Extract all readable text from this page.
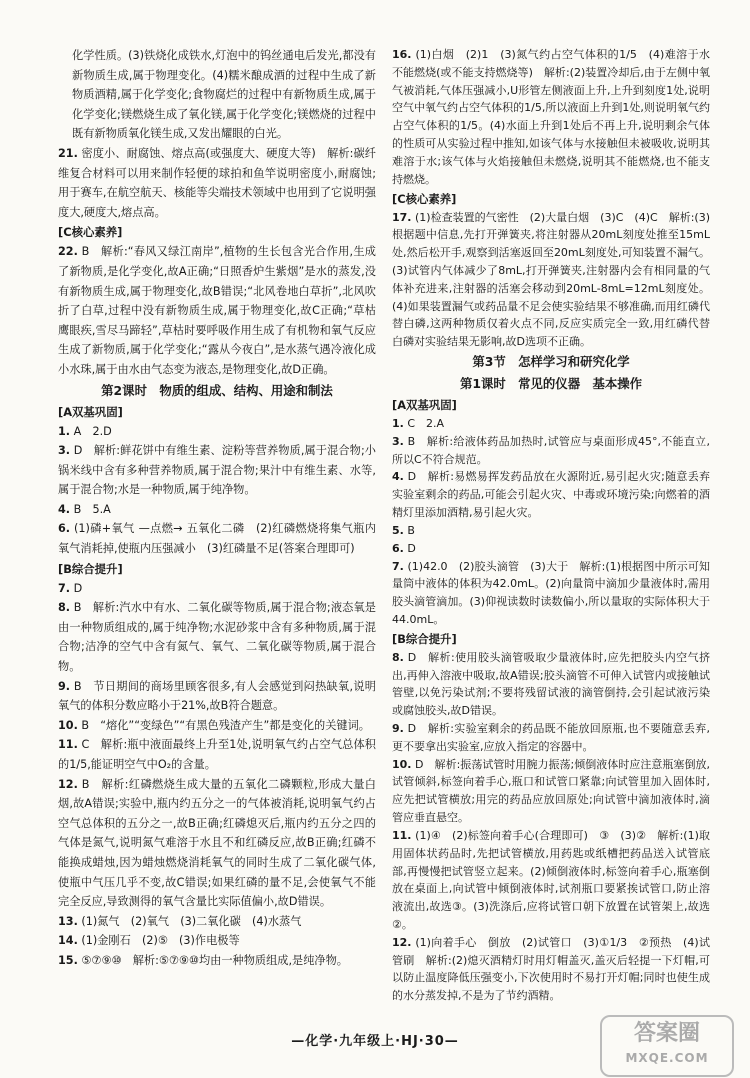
化学性质。(3)铁烧化成铁水,灯泡中的钨丝通电后发光,都没有新物质生成,属于物理变化。(4)糯米酿成酒的过程中生成了新物质酒精,属于化学变化;食物腐烂的过程中有新物质生成,属于化学变化;镁燃烧生成了氧化镁,属于化学变化;镁燃烧的过程中既有新物质氧化镁生成,又发出耀眼的白光。

21. 密度小、耐腐蚀、熔点高(或强度大、硬度大等)　解析:碳纤维复合材料可以用来制作轻便的球拍和鱼竿说明密度小,耐腐蚀;用于赛车,在航空航天、核能等尖端技术领域中也用到了它说明强度大,硬度大,熔点高。

[C核心素养]

22. B　解析:“春风又绿江南岸”,植物的生长包含光合作用,生成了新物质,是化学变化,故A正确;“日照香炉生紫烟”是水的蒸发,没有新物质生成,属于物理变化,故B错误;“北风卷地白草折”,北风吹折了白草,过程中没有新物质生成,属于物理变化,故C正确;“草枯鹰眼疾,雪尽马蹄轻”,草枯时要呼吸作用生成了有机物和氧气反应生成了新物质,属于化学变化;“露从今夜白”,是水蒸气遇冷液化成小水珠,属于由水由气态变为液态,是物理变化,故D正确。

第2课时　物质的组成、结构、用途和制法

[A双基巩固]

1. A　2.D

3. D　解析:鲜花饼中有维生素、淀粉等营养物质,属于混合物;小锅米线中含有多种营养物质,属于混合物;果汁中有维生素、水等,属于混合物;水是一种物质,属于纯净物。

4. B　5.A

6. (1)磷+氧气 —点燃→ 五氧化二磷　(2)红磷燃烧将集气瓶内氧气消耗掉,使瓶内压强减小　(3)红磷量不足(答案合理即可)

[B综合提升]

7. D

8. B　解析:汽水中有水、二氧化碳等物质,属于混合物;液态氧是由一种物质组成的,属于纯净物;水泥砂浆中含有多种物质,属于混合物;洁净的空气中含有氮气、氧气、二氧化碳等物质,属于混合物。

9. B　节日期间的商场里顾客很多,有人会感觉到闷热缺氧,说明氧气的体积分数应略小于21%,故B符合题意。

10. B　“熔化”“变绿色”“有黑色残渣产生”都是变化的关键词。

11. C　解析:瓶中液面最终上升至1处,说明氧气约占空气总体积的1/5,能证明空气中O₂的含量。

12. B　解析:红磷燃烧生成大量的五氧化二磷颗粒,形成大量白烟,故A错误;实验中,瓶内约五分之一的气体被消耗,说明氧气约占空气总体积的五分之一,故B正确;红磷熄灭后,瓶内约五分之四的气体是氮气,说明氮气难溶于水且不和红磷反应,故B正确;红磷不能换成蜡烛,因为蜡烛燃烧消耗氧气的同时生成了二氧化碳气体,使瓶中气压几乎不变,故C错误;如果红磷的量不足,会使氧气不能完全反应,导致测得的氧气含量比实际值偏小,故D错误。

13. (1)氮气　(2)氧气　(3)二氧化碳　(4)水蒸气

14. (1)金刚石　(2)⑤　(3)作电极等

15. ⑤⑦⑨⑩　解析:⑤⑦⑨⑩均由一种物质组成,是纯净物。

16. (1)白烟　(2)1　(3)氮气约占空气体积的1/5　(4)难溶于水不能燃烧(或不能支持燃烧等)　解析:(2)装置冷却后,由于左侧中氧气被消耗,气体压强减小,U形管左侧液面上升,上升到刻度1处,说明空气中氧气约占空气体积的1/5,所以液面上升到1处,则说明氧气约占空气体积的1/5。(4)水面上升到1处后不再上升,说明剩余气体的性质可从实验过程中推知,如该气体与水接触但未被吸收,说明其难溶于水;该气体与火焰接触但未燃烧,说明其不能燃烧,也不能支持燃烧。

[C核心素养]

17. (1)检查装置的气密性　(2)大量白烟　(3)C　(4)C　解析:(3)根据题中信息,先打开弹簧夹,将注射器从20mL刻度处推至15mL处,然后松开手,观察到活塞返回至20mL刻度处,可知装置不漏气。(3)试管内气体减少了8mL,打开弹簧夹,注射器内会有相同量的气体补充进来,注射器的活塞会移动到20mL-8mL=12mL刻度处。(4)如果装置漏气或药品量不足会使实验结果不够准确,而用红磷代替白磷,这两种物质仅着火点不同,反应实质完全一致,用红磷代替白磷对实验结果无影响,故D选项不正确。

第3节　怎样学习和研究化学

第1课时　常见的仪器　基本操作

[A双基巩固]

1. C　2.A

3. B　解析:给液体药品加热时,试管应与桌面形成45°,不能直立,所以C不符合规范。

4. D　解析:易燃易挥发药品放在火源附近,易引起火灾;随意丢弃实验室剩余的药品,可能会引起火灾、中毒或环境污染;向燃着的酒精灯里添加酒精,易引起火灾。

5. B

6. D

7. (1)42.0　(2)胶头滴管　(3)大于　解析:(1)根据图中所示可知量筒中液体的体积为42.0mL。(2)向量筒中滴加少量液体时,需用胶头滴管滴加。(3)仰视读数时读数偏小,所以量取的实际体积大于44.0mL。

[B综合提升]

8. D　解析:使用胶头滴管吸取少量液体时,应先把胶头内空气挤出,再伸入溶液中吸取,故A错误;胶头滴管不可伸入试管内或接触试管壁,以免污染试剂;不要将残留试液的滴管倒持,会引起试液污染或腐蚀胶头,故D错误。

9. D　解析:实验室剩余的药品既不能放回原瓶,也不要随意丢弃,更不要拿出实验室,应放入指定的容器中。

10. D　解析:振荡试管时用腕力振荡;倾倒液体时应注意瓶塞倒放,试管倾斜,标签向着手心,瓶口和试管口紧靠;向试管里加入固体时,应先把试管横放;用完的药品应放回原处;向试管中滴加液体时,滴管应垂直悬空。

11. (1)④　(2)标签向着手心(合理即可)　③　(3)②　解析:(1)取用固体状药品时,先把试管横放,用药匙或纸槽把药品送入试管底部,再慢慢把试管竖立起来。(2)倾倒液体时,标签向着手心,瓶塞倒放在桌面上,向试管中倾倒液体时,试剂瓶口要紧挨试管口,防止溶液流出,故选③。(3)洗涤后,应将试管口朝下放置在试管架上,故选②。

12. (1)向着手心　倒放　(2)试管口　(3)①1/3　②预热　(4)试管刷　解析:(2)熄灭酒精灯时用灯帽盖灭,盖灭后轻提一下灯帽,可以防止温度降低压强变小,下次使用时不易打开灯帽;同时也使生成的水分蒸发掉,不是为了节约酒精。

—化学·九年级上·HJ·30—	答案圈
MXQE.COM
